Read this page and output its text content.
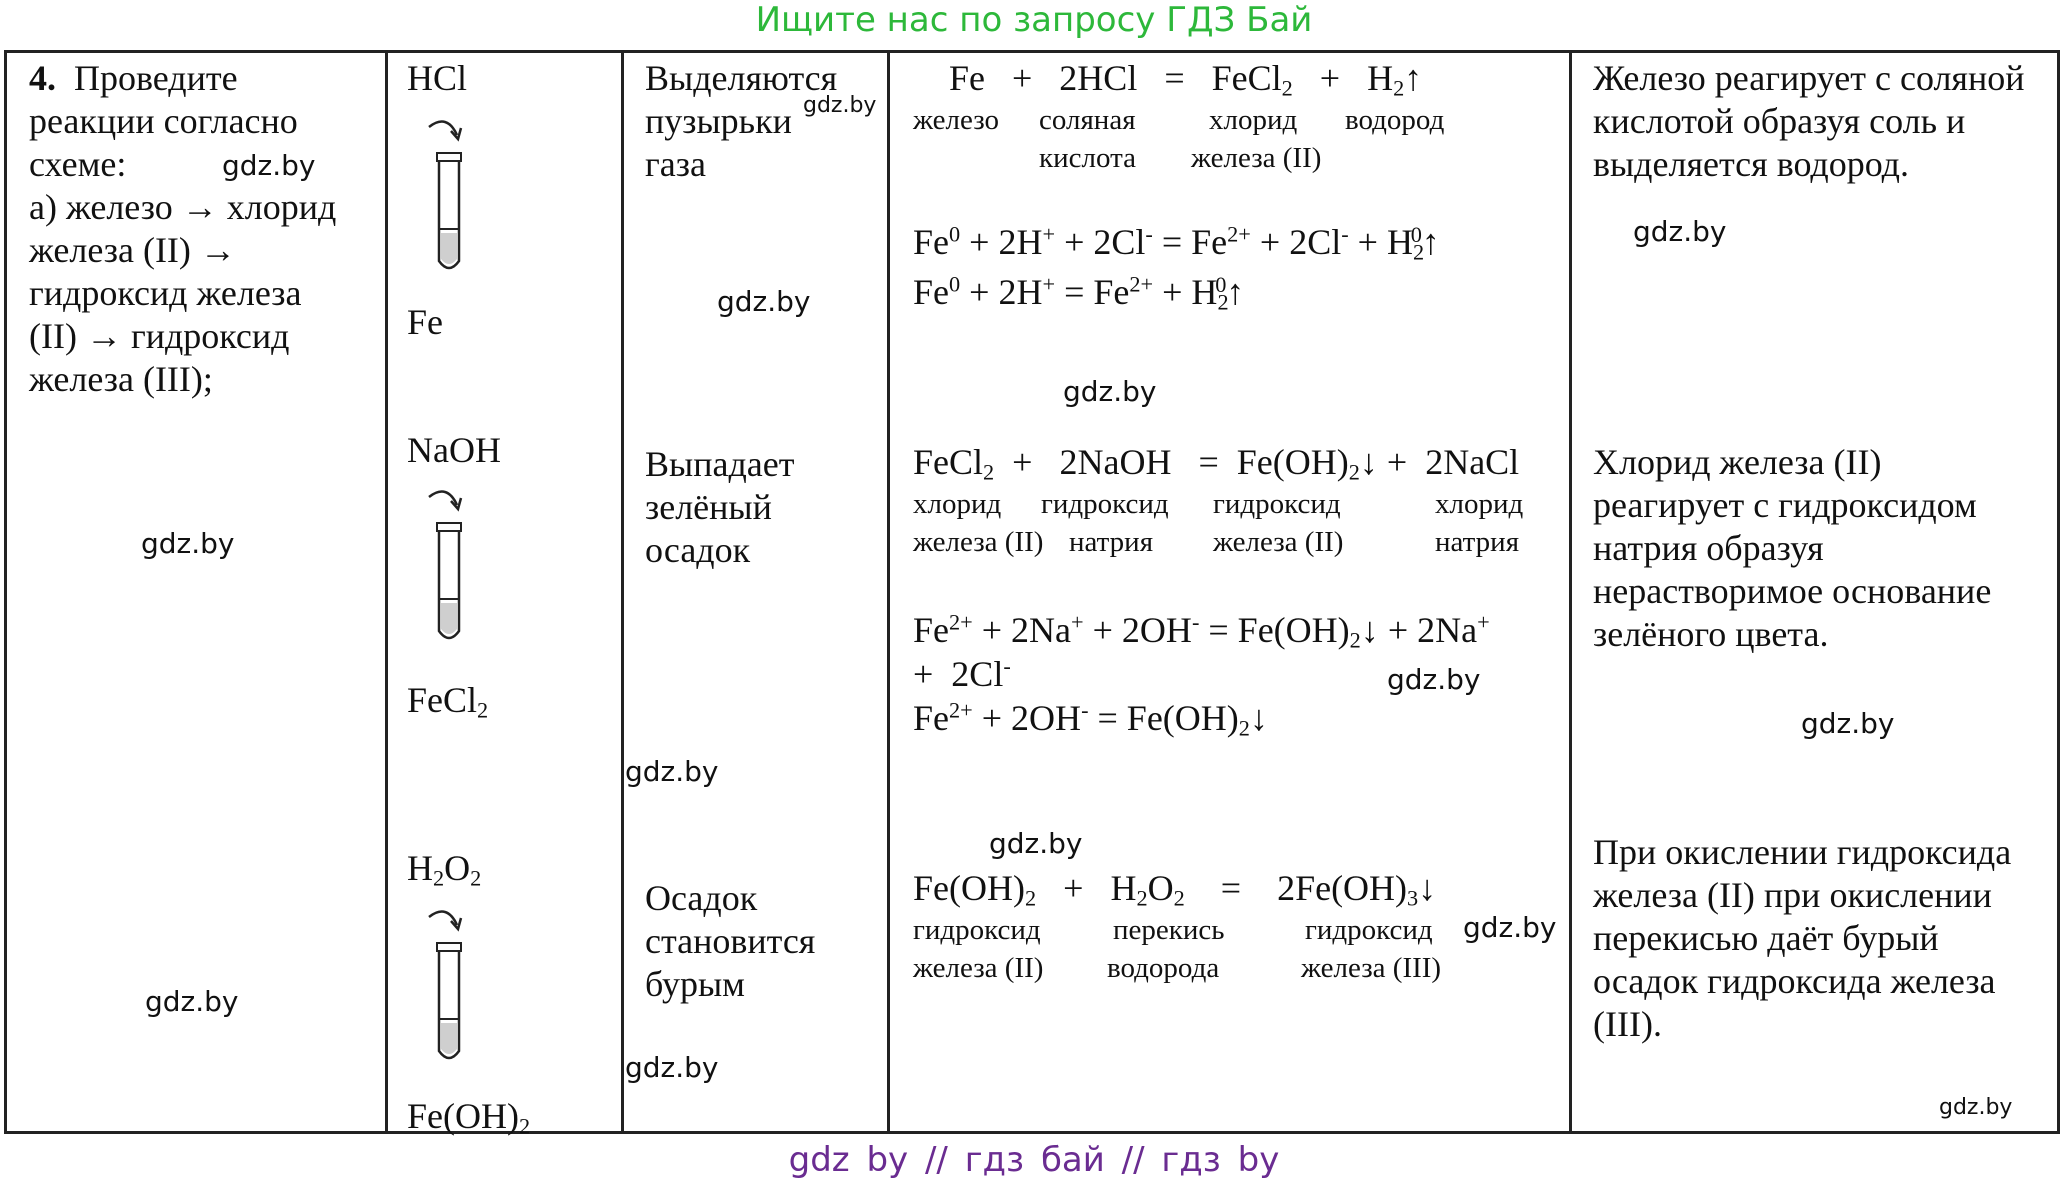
Ищите нас по запросу ГДЗ Бай
4. Проведите
реакции согласно
схеме:
а) железо → хлорид
железа (II) →
гидроксид железа
(II) → гидроксид
железа (III);
gdz.by
gdz.by
gdz.by
HCl
Fe
NaOH
FeCl$_2$
$H_2O_2$
$Fe(OH)_2$
Выделяются
пузырьки
газа
gdz.by
gdz.by
Выпадает
зелёный
осадок
gdz.by
Осадок
становится
бурым
gdz.by
Fe   +   2HCl   =   FeCl$_2$   +   $H_2↑$
железо соляная
кислота
хлорид
железа (II)
водород
$Fe^0 + 2H^+ + 2Cl^- = Fe^{2+} + 2Cl^-$ + $H_2^0↑$
$Fe^0 + 2H^+ = Fe^{2+}$ + $H_2^0↑$
gdz.by
FeCl$_2$  +   2NaOH   =  $Fe(OH)_2↓$ +  2NaCl
хлорид
железа (II)
гидроксид
натрия
гидроксид
железа (II)
хлорид
натрия
$Fe^{2+} + 2Na^+ + 2OH^-$ = $Fe(OH)_2↓ + 2Na^+$
+  2Cl-
$Fe^{2+} + 2OH^-$ = $Fe(OH)_2↓$
gdz.by
gdz.by
$Fe(OH)_2 + H_2O_2$    =    $2Fe(OH)_3↓$
гидроксид
железа (II)
перекись
водорода
гидроксид
железа (III)
gdz.by
Железо реагирует с соляной
кислотой образуя соль и
выделяется водород.
gdz.by
Хлорид железа (II)
реагирует с гидроксидом
натрия образуя
нерастворимое основание
зелёного цвета.
gdz.by
При окислении гидроксида
железа (II) при окислении
перекисью даёт бурый
осадок гидроксида железа
(III).
gdz.by
gdz by // гдз бай // гдз by
